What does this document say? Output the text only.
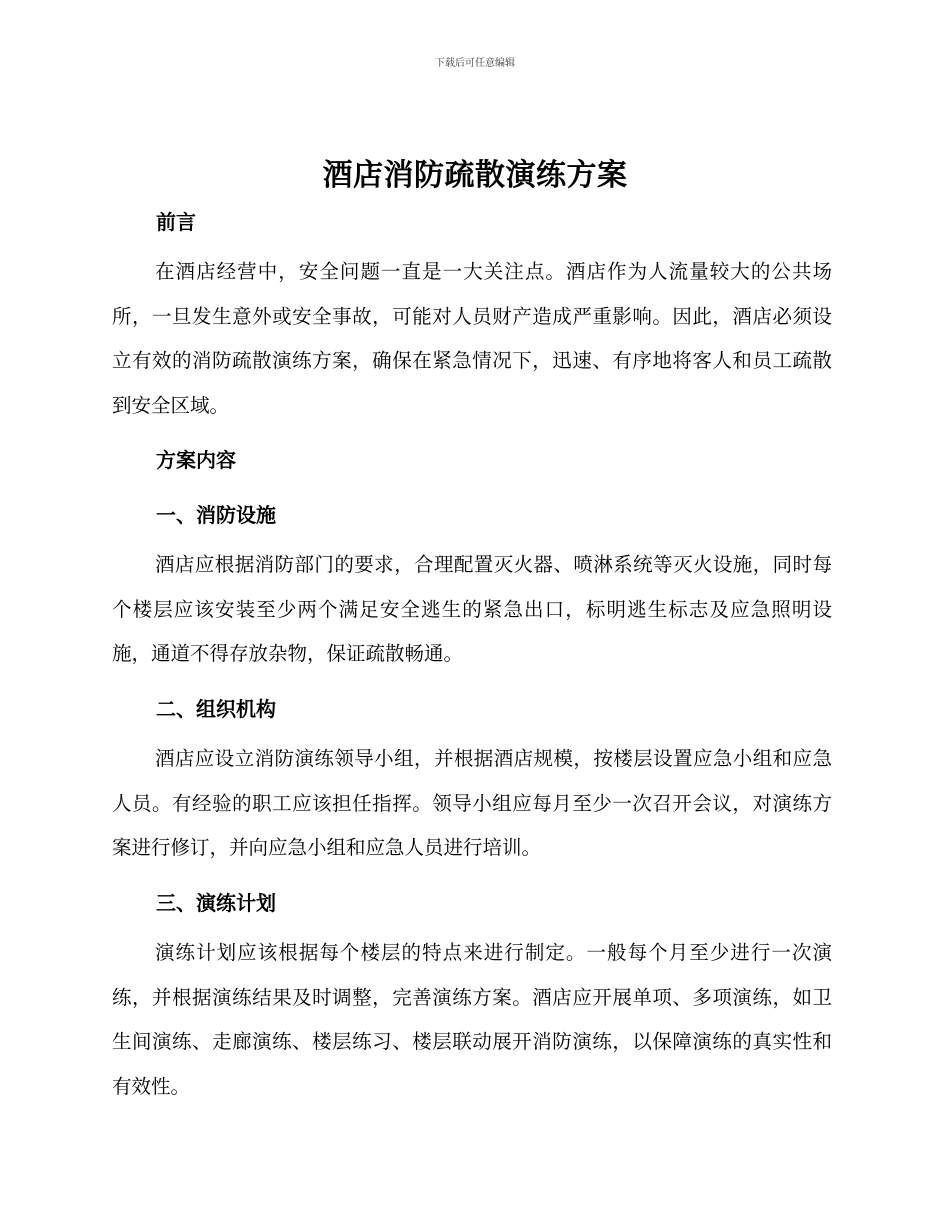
下载后可任意编辑
酒店消防疏散演练方案
前言

在酒店经营中，安全问题一直是一大关注点。酒店作为人流量较大的公共场所，一旦发生意外或安全事故，可能对人员财产造成严重影响。因此，酒店必须设立有效的消防疏散演练方案，确保在紧急情况下，迅速、有序地将客人和员工疏散到安全区域。

方案内容
一、消防设施

酒店应根据消防部门的要求，合理配置灭火器、喷淋系统等灭火设施，同时每个楼层应该安装至少两个满足安全逃生的紧急出口，标明逃生标志及应急照明设施，通道不得存放杂物，保证疏散畅通。

二、组织机构

酒店应设立消防演练领导小组，并根据酒店规模，按楼层设置应急小组和应急人员。有经验的职工应该担任指挥。领导小组应每月至少一次召开会议，对演练方案进行修订，并向应急小组和应急人员进行培训。

三、演练计划

演练计划应该根据每个楼层的特点来进行制定。一般每个月至少进行一次演练，并根据演练结果及时调整，完善演练方案。酒店应开展单项、多项演练，如卫生间演练、走廊演练、楼层练习、楼层联动展开消防演练，以保障演练的真实性和有效性。
